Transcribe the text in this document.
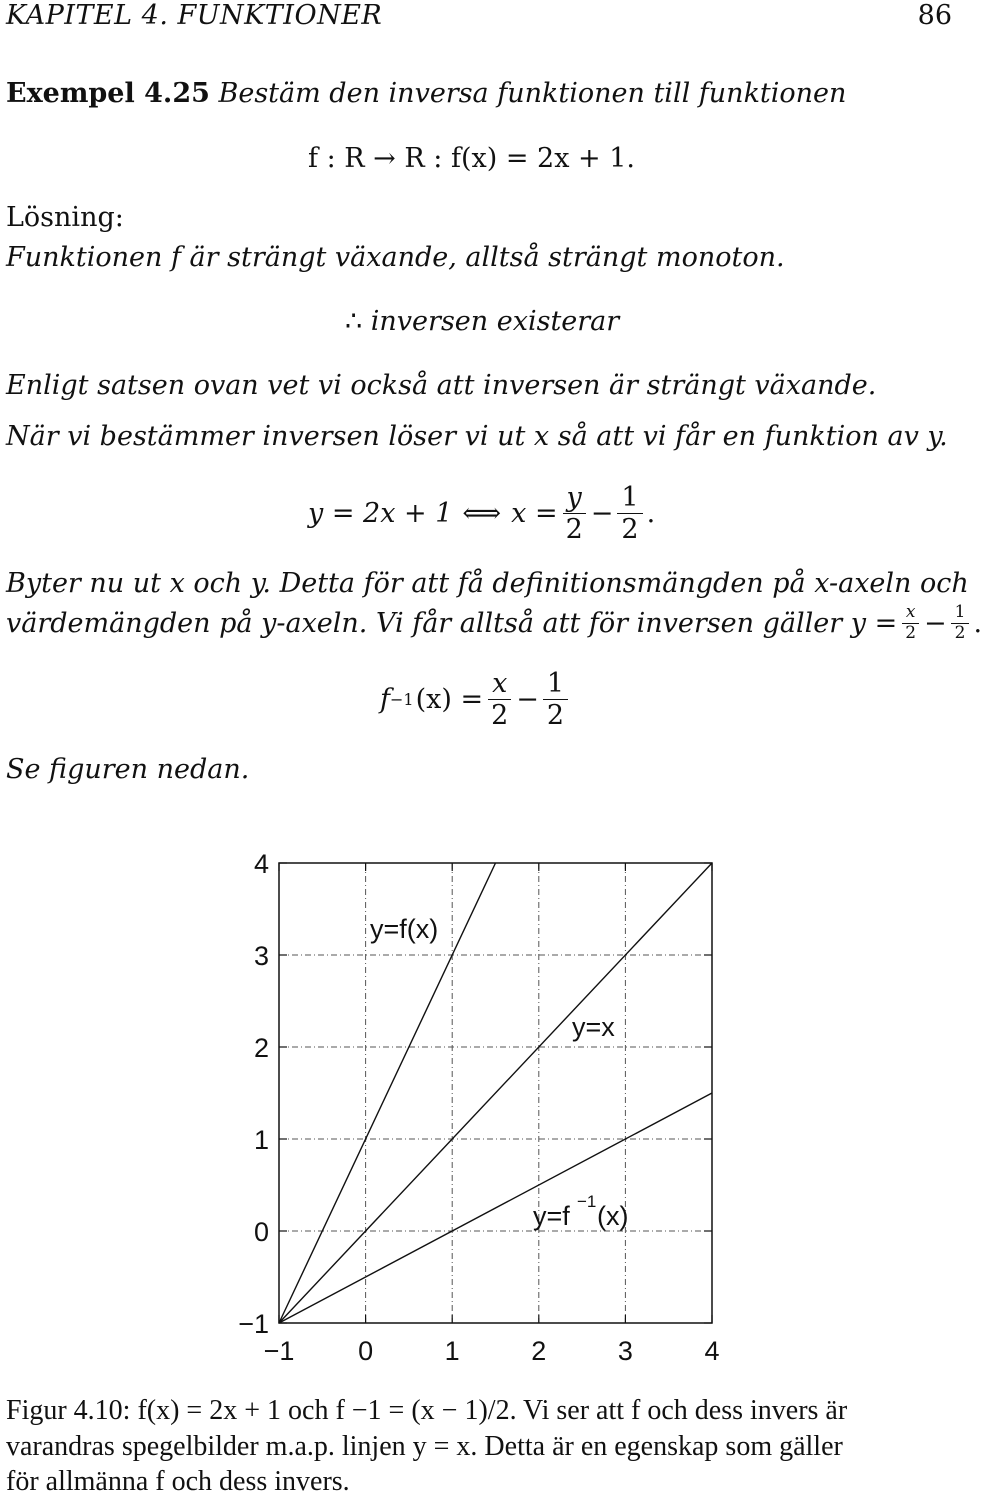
KAPITEL 4. FUNKTIONER	86
Exempel 4.25 Bestäm den inversa funktionen till funktionen
f : R → R : f(x) = 2x + 1.
Lösning:
Funktionen f är strängt växande, alltså strängt monoton.
∴ inversen existerar
Enligt satsen ovan vet vi också att inversen är strängt växande.
När vi bestämmer inversen löser vi ut x så att vi får en funktion av y.
y = 2x + 1 ⟺ $x = \frac{y}{2} - \frac{1}{2}$ .
Byter nu ut x och y. Detta för att få definitionsmängden på x-axeln och
värdemängden på y-axeln. Vi får alltså att för inversen gäller $y = \frac{x}{2} - \frac{1}{2}$ .
f −1 $(x) = \frac{x}{2} - \frac{1}{2}$
Se figuren nedan.
−1 0	1	2	3	4
−1
0
1
2
3
4
y=f(x)
y=x
y=f −1 (x)
Figur 4.10: f(x) = 2x + 1 och f −1 = (x − 1)/2. Vi ser att f och dess invers är
varandras spegelbilder m.a.p. linjen y = x. Detta är en egenskap som gäller
för allmänna f och dess invers.
